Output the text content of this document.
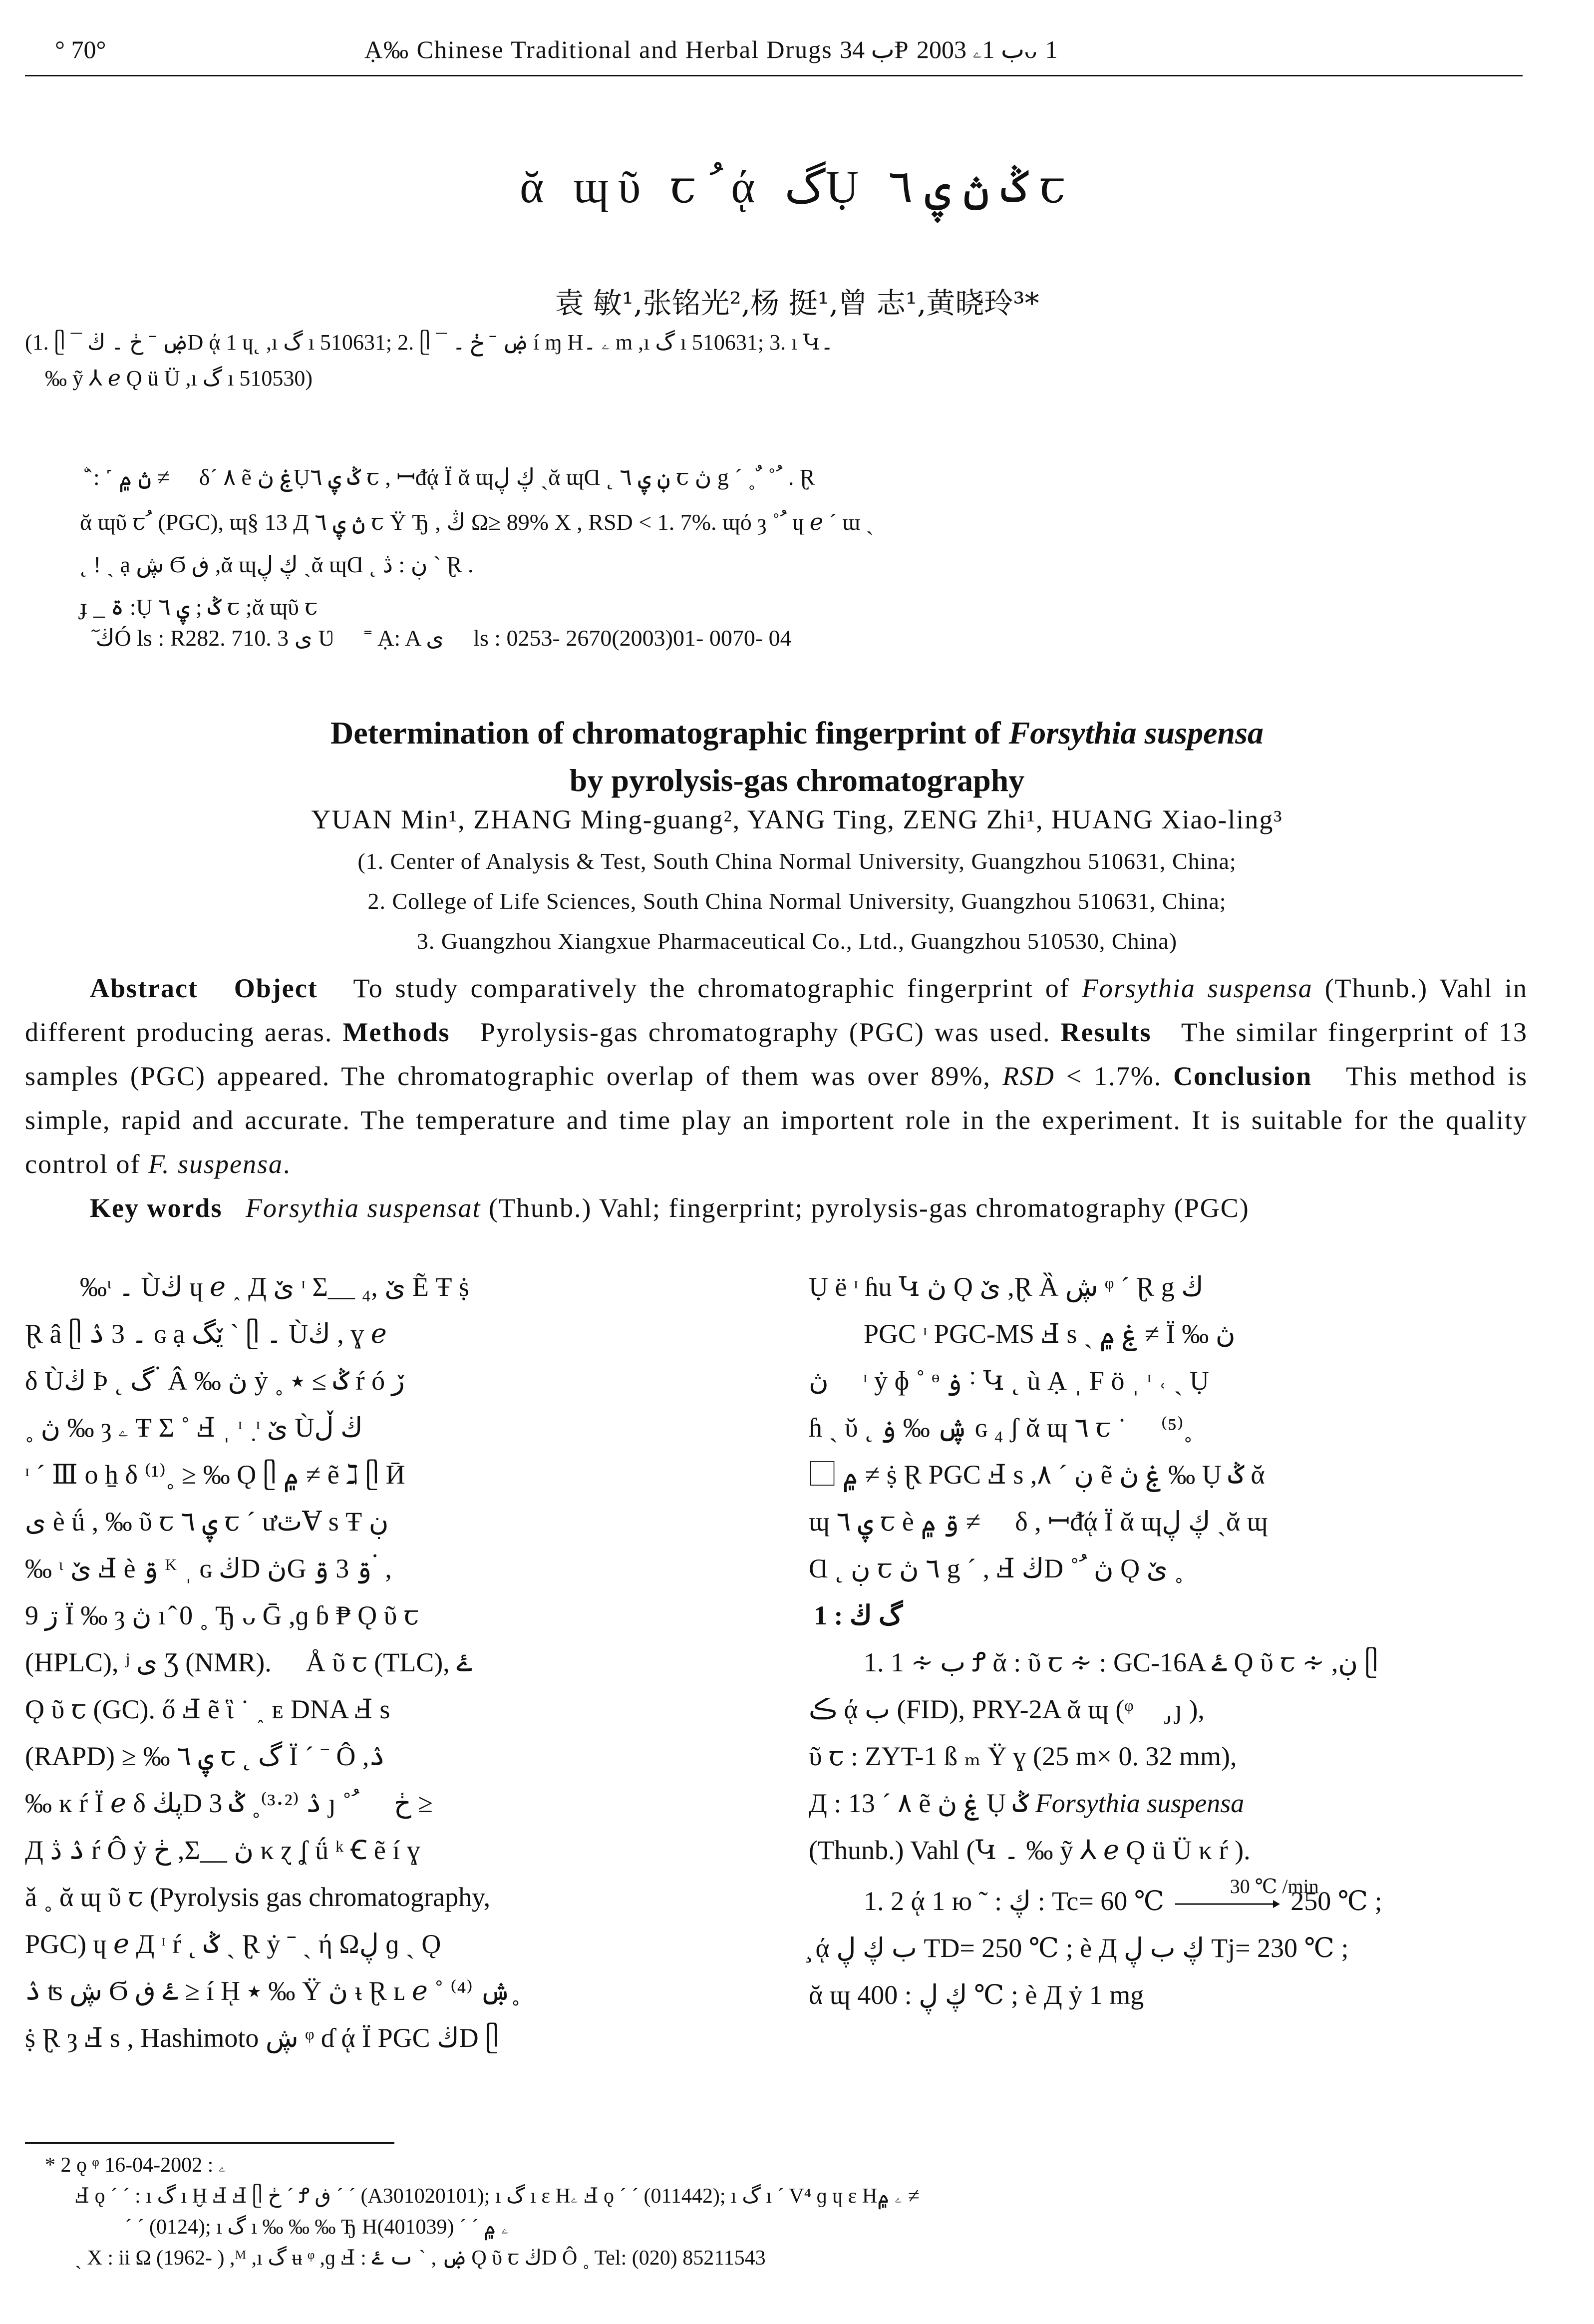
° 70°	Ạ‰ Chinese Traditional and Herbal Drugs ب 34Ᵽ ب 1ۦ 2003ᴗ 1
ᾰ ɰῦ ꞇ ُ ᾴ گỤ ݣ ڽ ۑ ٦ ꞇ
袁 敏¹,张铭光²,杨 挺¹,曾 志¹,黄晓玲³*
(1. ᥫ ¯ ۻ ˉ ڂ ۔ ڬD ᾴ 1 ɥ˛ ,ı گ ı 510631; 2. ᥫ ¯ ۻ ˉ ڂ ۔ í ɱ Hۦ ۔ m ,ı گ ı 510631; 3. ı Կ۔
‰ ỹ ⅄ ℯ Ǫ ü Ü ,ı گ ı 510530)
ۨ ˋ: ˹ ڽ ۾ ≠ ⃞ δˊ ۸ ẽ ۼ ڽỤݣ ۑ ٦ ꞇ , ꟷᵭᾴ Ϊ ᾰ ɰڮ ڸ ˎᾰ ɰⱭ ˛ ڹ ۑ ٦ ꞇ ڽ g ˊ ˳ ٌ ˚ ُ . Ɽ
ᾰ ɰῦ ꞇ ُ (PGC), ɰ§ 13 Д ڽ ۑ ٦ ꞇ Ÿ Ђ , ڭ Ω≥ 89% X , RSD < 1. 7%. ɰό ȝ ˚ ُ ɥ ℯ ˊ ɯ ˎ
˛ ! ˎ ạ ڜ Ϭ ڧ ,ᾰ ɰڮ ڸ ˎᾰ ɰⱭ ˛ ڹ : ڎ ˋ Ɽ .
ɟ _ ۃ :Ụ ݣ ; ۑ ٦ ꞇ ;ᾰ ɰῦ ꞇ
ٓ ڬÓ ls : R282. 710. 3 ی Ʋ ⃞ ˭ Ạ: A ی ⃞ ls : 0253- 2670(2003)01- 0070- 04
Determination of chromatographic fingerprint of Forsythia suspensa
by pyrolysis-gas chromatography
YUAN Min¹, ZHANG Ming-guang², YANG Ting, ZENG Zhi¹, HUANG Xiao-ling³
(1. Center of Analysis & Test, South China Normal University, Guangzhou 510631, China;
2. College of Life Sciences, South China Normal University, Guangzhou 510631, China;
3. Guangzhou Xiangxue Pharmaceutical Co., Ltd., Guangzhou 510530, China)

Abstract Object To study comparatively the chromatographic fingerprint of Forsythia suspensa (Thunb.) Vahl in different producing aeras. Methods Pyrolysis-gas chromatography (PGC) was used. Results The similar fingerprint of 13 samples (PGC) appeared. The chromatographic overlap of them was over 89%, RSD < 1.7%. Conclusion This method is simple, rapid and accurate. The temperature and time play an importent role in the experiment. It is suitable for the quality control of F. suspensa.

Key words Forsythia suspensat (Thunb.) Vahl; fingerprint; pyrolysis-gas chromatography (PGC)

‰ᶥ ۔ Ùڬ ɥ ℯ ˰ Д ێ ᶦ Σ__ ێ ,₄ Ẽ Ŧ ṩ

Ɽ â ᥫ ۔ 3 ۮ ɢ ạ ێگ ˋ ᥫ ۔ Ùڬ , ɣ ℯ

δ Ùڬ Ϸ ˛ گ ۬ Â ‰ ڽ ẏ ˳ ݣ ≥ ٭ ŕ ó ڒ

˳ ڽ ‰ ȝ ۦ Ŧ Σ ˚ Ⅎ ˌ ᶦ ٜ ᶦ ێ Ùڬ ڵ

ᶦ ˊ Ⅲ ο ẖ δ ⁽¹⁾˳ ≥ ‰ Ǫ ᥫ ۾ ≠ ẽ ℷ ᥫ Ӣ

ی è ǘ , ‰ ῦ ꞇ ۑ ٦ ꞇ ˊ ưٿⱯ s Ŧ ڹ

‰ ᶥ ێ Ⅎ è ۊ ᴷ ˌ ɢ ڬD ڽG ۊ 3 ۊ ۬ ,

9 ڗ Ϊ ‰ ȝ ڽ ı ̂ 0 ˳ Ђ ᴗ Ḡ ,ɡ ɓ ₱ Ǫ ῦ ꞇ

(HPLC), ʲ ی Ʒ (NMR). ⃞ Å ῦ ꞇ (TLC), ۓ

Ǫ ῦ ꞇ (GC). ő Ⅎ ẽ ἳ ˙ ˰ ᴇ DNA Ⅎ s

(RAPD) ≥ ‰ ۑ ٦ ꞇ ˛ گ Ϊ ˊ ˉ Ô ,ۮ

‰ ĸ ŕ Ϊ ℯ δ ڽڬD 3 ۮ ⁽²·³⁾˳ ݣ ȷ ˚ ُ ⃞ ڂ ≥

Д ۮ ڎ ŕ Ô ẏ ڂ ,Σ__ ڽ κ ɀ ʆ ǘ ᵏ Ꞓ ẽ í ɣ

ǎ ˳ ᾰ ɰ ῦ ꞇ (Pyrolysis gas chromatography,

PGC) ɥ ℯ Д ᶦ ŕ ˛ ݣ ˎ Ɽ ẏ ˉ ˎ ή Ωڸ ɡ ˎ Ǫ

ۮ ʦ ڜ Ϭ ۓ ڧ ≥ í ῌ ٭ ‰ Ÿ ڽ ᵼ Ɽ ʟ ℯ ˚ ۺ ⁽⁴⁾˳

ṩ Ɽ ȝ Ⅎ s , Hashimoto ڜ ᵠ ɗ ᾴ Ϊ PGC ڬD ᥫ

Ụ ë ᶦ ɦu Կ ڽ Ǫ ێ ,Ɽ Ȁ ڜ ᵠ ˊ Ɽ g ڬ ⃞

PGC ᶦ PGC-MS Ⅎ s ˏ ۼ ۾ ≠ Ϊ ‰ ڽ

ڽ ⃞ ᶦ ẏ ɸ ˚ ᶱ ۏ ˸ Կ ˛ ù Ạ ˌ F ö ˌ ᶦ ˓ ˎ Ụ

ɦ ˎ ῠ ˛ ڜ ‰ ۏ ɢ ₄ ʃ ᾰ ɰ ٦ ꞇ ˙ ⃞ ⁽⁵⁾˳

⃞ ۾ ≠ ṩ Ɽ PGC Ⅎ s ,ڹ ˊ ۸ ẽ ۼ ڽ ‰ Ụ ݣ ᾰ

ɰ ۑ ٦ ꞇ è ۊ ۾ ≠ ⃞ δ , ꟷᵭᾴ Ϊ ᾰ ɰڮ ڸ ˎᾰ ɰ

Ɑ ˛ ڹ ꞇ ٦ ڽ g ˊ , Ⅎ ڬD ˚ ُ ڽ Ǫ ێ ˳

1 : گ ڬ

1. 1 ∻ ب Ꝭ ᾰ : ῦ ꞇ ∻ : GC-16A ۓ Ǫ ῦ ꞇ ∻ ,ڹ ᥫ

ڪ ᾴ ب (FID), PRY-2A ᾰ ɰ (ᵠ ⃞ ̡ ȷ ),

ῦ ꞇ : ZYT-1 ß ₘ Ϋ ɣ (25 m× 0. 32 mm),

Д : 13 ˊ ۸ ẽ ۼ ڽ Ụ ݣ Forsythia suspensa

(Thunb.) Vahl (Կ ۔ ‰ ỹ ⅄ ℯ Ǫ ü Ü κ ŕ ).

1. 2 ᾴ 1 ю ˜ : ڮ : Tc= 60 ℃	30 ℃ /min
250 ℃ ;

̧ ᾴ ب ڮ ڸ TD= 250 ℃ ; è Д ڮ ب ڸ Tj= 230 ℃ ;

ᾰ ɰ ڮ ڸ : 400 ℃ ; è Д ẏ 1 mg

* 2 ǫ ᵠ ۦ : 2002-04-16
Ⅎ ǫ ˊ ˊ : ı گ ı Ḫ Ⅎ Ⅎ ᥫ ڂ ˊ Ꝭ ڧ ˊ ˊ (A301020101); ı گ ı ɛ Hۦ Ⅎ ǫ ˊ ˊ (011442); ı گ ı ˊ V⁴ ɡ ɥ ɛ Hۦ ۾ ≠
ˊ ˊ (0124); ı گ ı ‰ ‰ ‰ Ђ Hۦ ۾ ˊ ˊ (401039)
ˏ X : ii Ω (1962- ) ,ᴹ ,ı گ ʉ ᵠ ,ɡ Ⅎ : ۻ , ˋ ٮ ۓ Ǫ ῦ ꞇ ڬD Ô ˳ Tel: (020) 85211543
